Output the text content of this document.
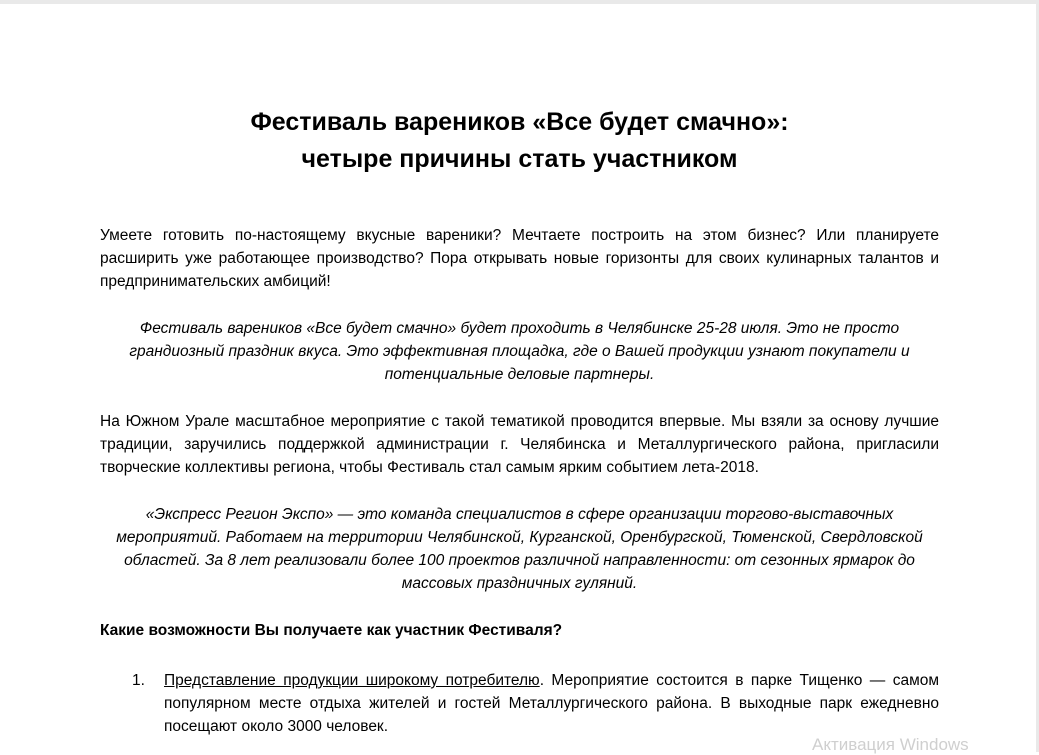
Фестиваль вареников «Все будет смачно»:
четыре причины стать участником

Умеете готовить по-настоящему вкусные вареники? Мечтаете построить на этом бизнес? Или планируете расширить уже работающее производство? Пора открывать новые горизонты для своих кулинарных талантов и предпринимательских амбиций!

Фестиваль вареников «Все будет смачно» будет проходить в Челябинске 25-28 июля. Это не просто грандиозный праздник вкуса. Это эффективная площадка, где о Вашей продукции узнают покупатели и потенциальные деловые партнеры.

На Южном Урале масштабное мероприятие с такой тематикой проводится впервые. Мы взяли за основу лучшие традиции, заручились поддержкой администрации г. Челябинска и Металлургического района, пригласили творческие коллективы региона, чтобы Фестиваль стал самым ярким событием лета-2018.

«Экспресс Регион Экспо» — это команда специалистов в сфере организации торгово-выставочных мероприятий. Работаем на территории Челябинской, Курганской, Оренбургской, Тюменской, Свердловской областей. За 8 лет реализовали более 100 проектов различной направленности: от сезонных ярмарок до массовых праздничных гуляний.

Какие возможности Вы получаете как участник Фестиваля?

1. Представление продукции широкому потребителю. Мероприятие состоится в парке Тищенко — самом популярном месте отдыха жителей и гостей Металлургического района. В выходные парк ежедневно посещают около 3000 человек.
Активация Windows
